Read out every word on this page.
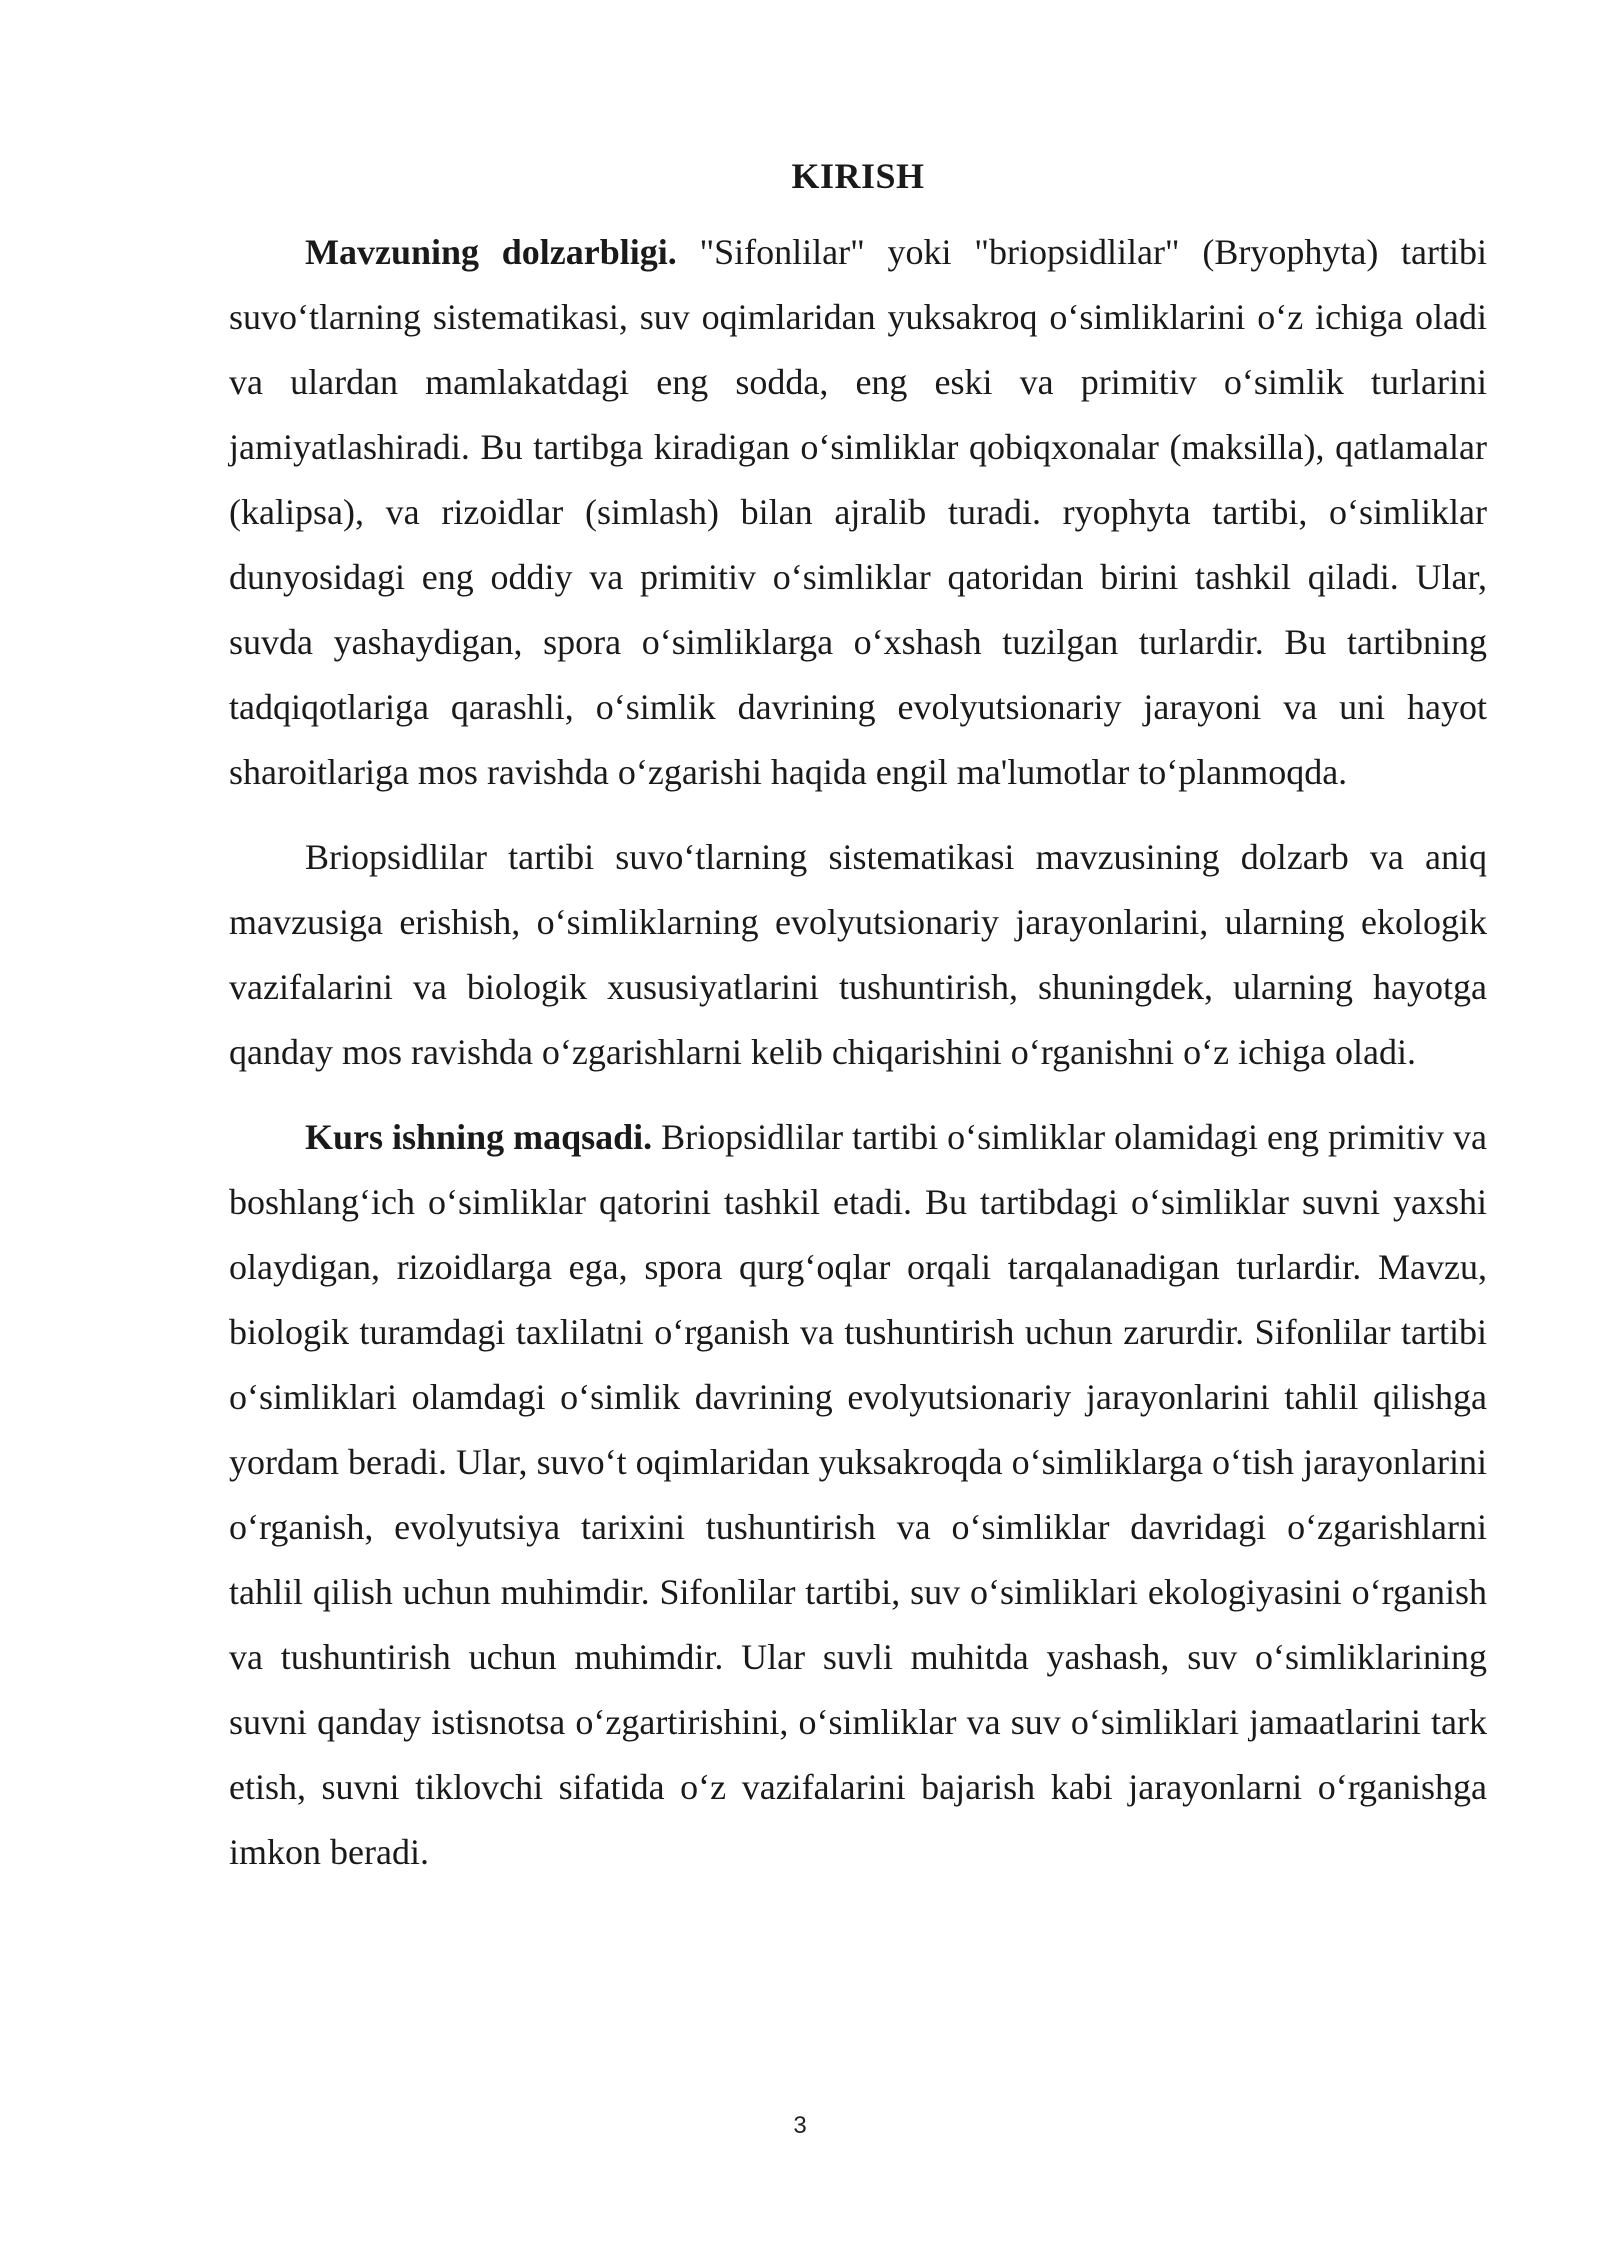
KIRISH

Mavzuning dolzarbligi. "Sifonlilar" yoki "briopsidlilar" (Bryophyta) tartibi suvo‘tlarning sistematikasi, suv oqimlaridan yuksakroq o‘simliklarini o‘z ichiga oladi va ulardan mamlakatdagi eng sodda, eng eski va primitiv o‘simlik turlarini jamiyatlashiradi. Bu tartibga kiradigan o‘simliklar qobiqxonalar (maksilla), qatlamalar (kalipsa), va rizoidlar (simlash) bilan ajralib turadi. ryophyta tartibi, o‘simliklar dunyosidagi eng oddiy va primitiv o‘simliklar qatoridan birini tashkil qiladi. Ular, suvda yashaydigan, spora o‘simliklarga o‘xshash tuzilgan turlardir. Bu tartibning tadqiqotlariga qarashli, o‘simlik davrining evolyutsionariy jarayoni va uni hayot sharoitlariga mos ravishda o‘zgarishi haqida engil ma'lumotlar to‘planmoqda.

Briopsidlilar tartibi suvo‘tlarning sistematikasi mavzusining dolzarb va aniq mavzusiga erishish, o‘simliklarning evolyutsionariy jarayonlarini, ularning ekologik vazifalarini va biologik xususiyatlarini tushuntirish, shuningdek, ularning hayotga qanday mos ravishda o‘zgarishlarni kelib chiqarishini o‘rganishni o‘z ichiga oladi.

Kurs ishning maqsadi. Briopsidlilar tartibi o‘simliklar olamidagi eng primitiv va boshlang‘ich o‘simliklar qatorini tashkil etadi. Bu tartibdagi o‘simliklar suvni yaxshi olaydigan, rizoidlarga ega, spora qurg‘oqlar orqali tarqalanadigan turlardir. Mavzu, biologik turamdagi taxlilatni o‘rganish va tushuntirish uchun zarurdir. Sifonlilar tartibi o‘simliklari olamdagi o‘simlik davrining evolyutsionariy jarayonlarini tahlil qilishga yordam beradi. Ular, suvo‘t oqimlaridan yuksakroqda o‘simliklarga o‘tish jarayonlarini o‘rganish, evolyutsiya tarixini tushuntirish va o‘simliklar davridagi o‘zgarishlarni tahlil qilish uchun muhimdir. Sifonlilar tartibi, suv o‘simliklari ekologiyasini o‘rganish va tushuntirish uchun muhimdir. Ular suvli muhitda yashash, suv o‘simliklarining suvni qanday istisnotsa o‘zgartirishini, o‘simliklar va suv o‘simliklari jamaatlarini tark etish, suvni tiklovchi sifatida o‘z vazifalarini bajarish kabi jarayonlarni o‘rganishga imkon beradi.

3
